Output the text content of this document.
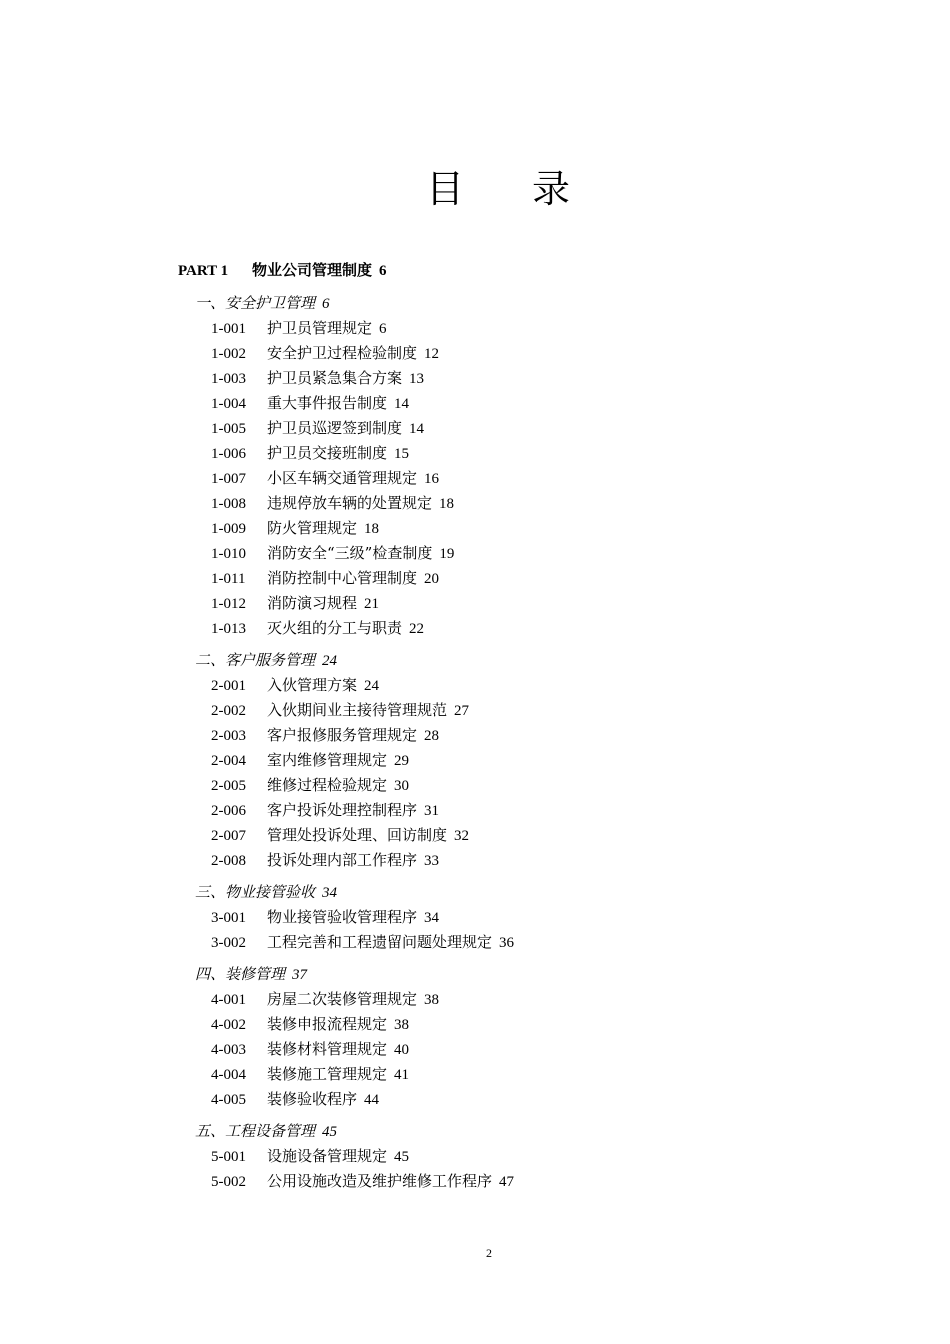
目 录
PART 1 物业公司管理制度 6
一、安全护卫管理 6
1-001 护卫员管理规定 6
1-002 安全护卫过程检验制度 12
1-003 护卫员紧急集合方案 13
1-004 重大事件报告制度 14
1-005 护卫员巡逻签到制度 14
1-006 护卫员交接班制度 15
1-007 小区车辆交通管理规定 16
1-008 违规停放车辆的处置规定 18
1-009 防火管理规定 18
1-010 消防安全“三级”检查制度 19
1-011 消防控制中心管理制度 20
1-012 消防演习规程 21
1-013 灭火组的分工与职责 22
二、客户服务管理 24
2-001 入伙管理方案 24
2-002 入伙期间业主接待管理规范 27
2-003 客户报修服务管理规定 28
2-004 室内维修管理规定 29
2-005 维修过程检验规定 30
2-006 客户投诉处理控制程序 31
2-007 管理处投诉处理、回访制度 32
2-008 投诉处理内部工作程序 33
三、物业接管验收 34
3-001 物业接管验收管理程序 34
3-002 工程完善和工程遗留问题处理规定 36
四、装修管理 37
4-001 房屋二次装修管理规定 38
4-002 装修申报流程规定 38
4-003 装修材料管理规定 40
4-004 装修施工管理规定 41
4-005 装修验收程序 44
五、工程设备管理 45
5-001 设施设备管理规定 45
5-002 公用设施改造及维护维修工作程序 47
2
